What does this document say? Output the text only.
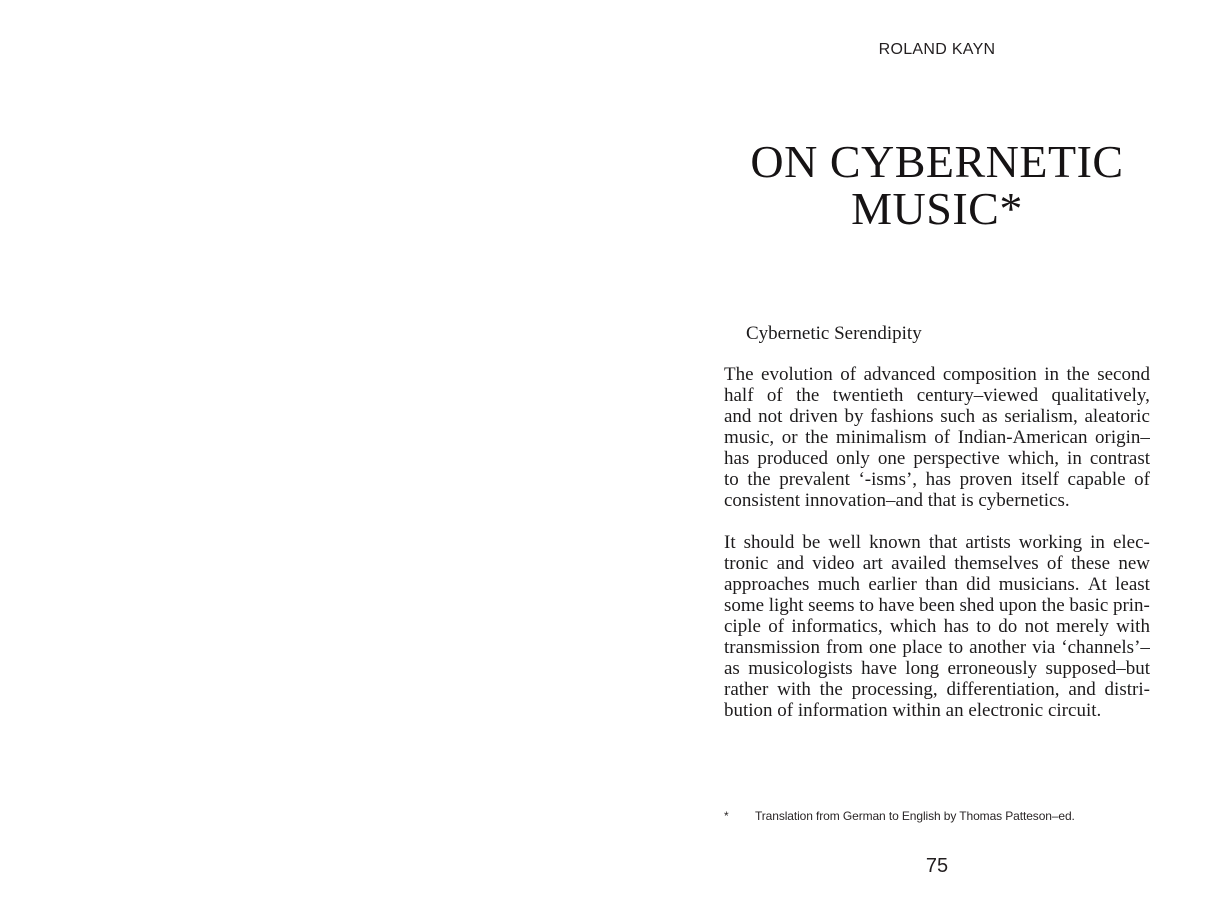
ROLAND KAYN
ON CYBERNETIC
MUSIC*
Cybernetic Serendipity
The evolution of advanced composition in the second
half of the twentieth century–viewed qualitatively,
and not driven by fashions such as serialism, aleatoric
music, or the minimalism of Indian-American origin–
has produced only one perspective which, in contrast
to the prevalent ‘-isms’, has proven itself capable of
consistent innovation–and that is cybernetics.
It should be well known that artists working in elec-
tronic and video art availed themselves of these new
approaches much earlier than did musicians. At least
some light seems to have been shed upon the basic prin-
ciple of informatics, which has to do not merely with
transmission from one place to another via ‘channels’–
as musicologists have long erroneously supposed–but
rather with the processing, differentiation, and distri-
bution of information within an electronic circuit.
*	Translation from German to English by Thomas Patteson–ed.
75
